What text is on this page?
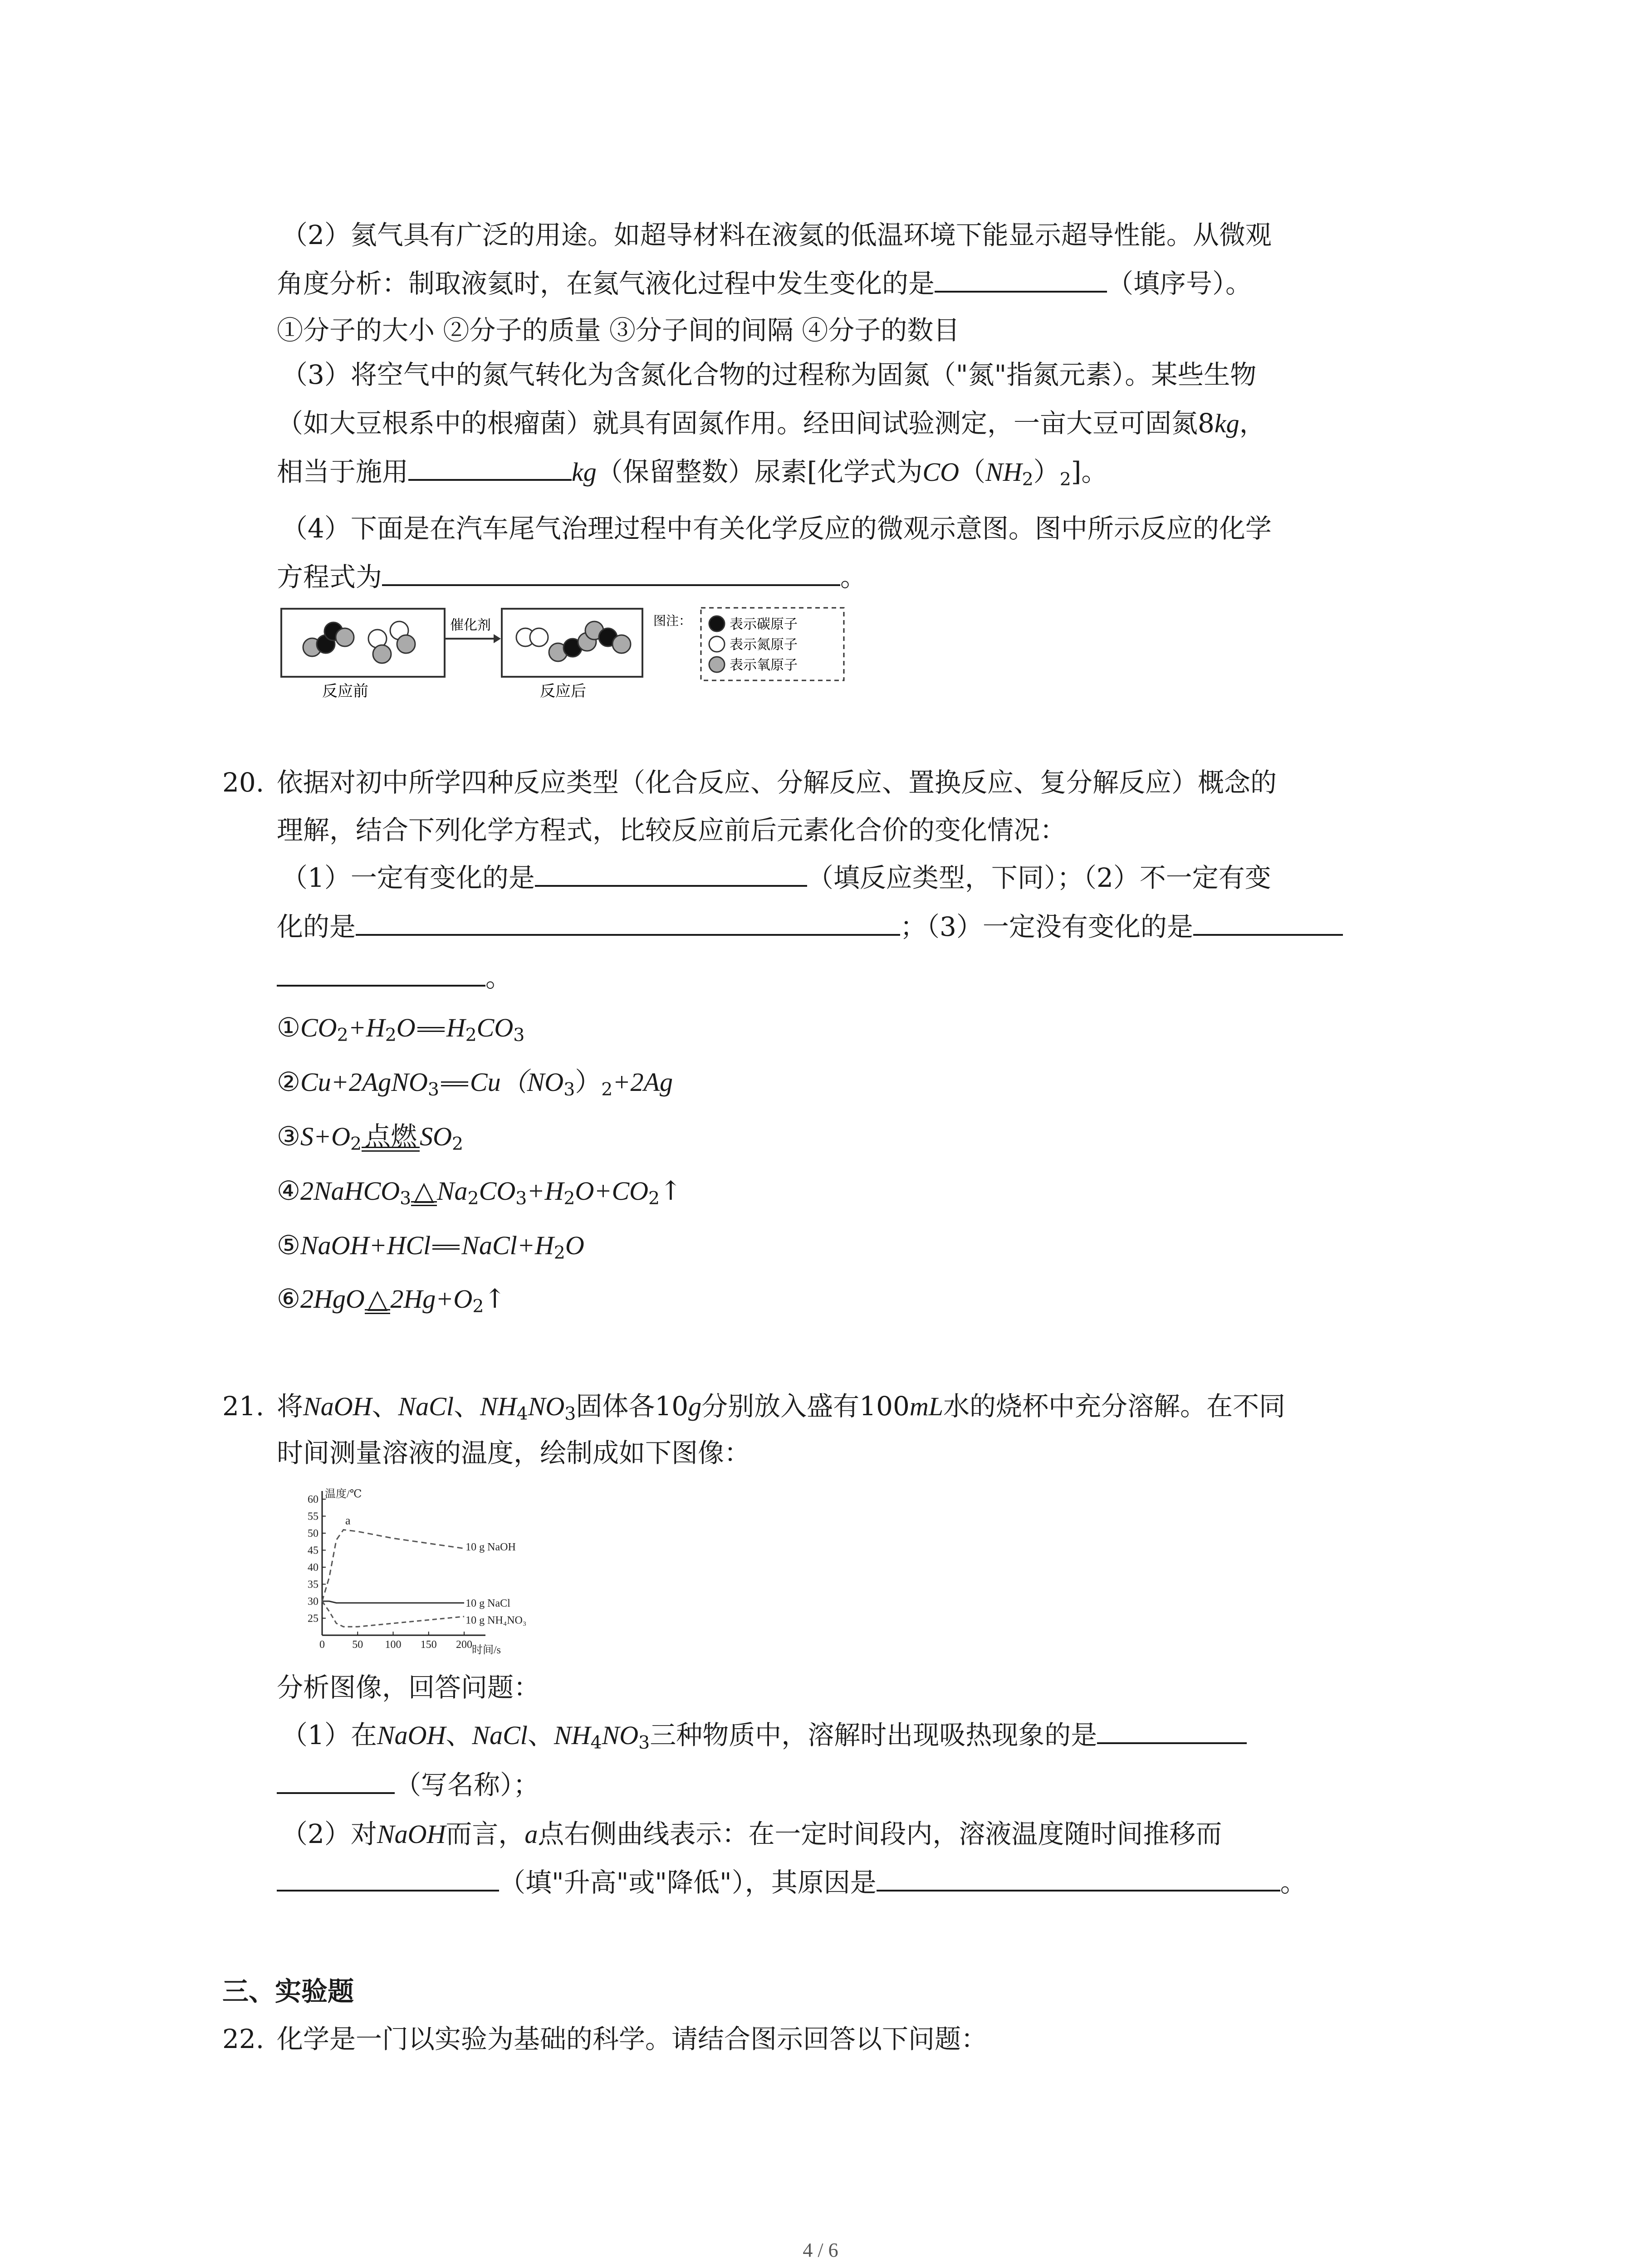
（2）氦气具有广泛的用途。如超导材料在液氦的低温环境下能显示超导性能。从微观
角度分析：制取液氦时，在氦气液化过程中发生变化的是	（填序号）。
①分子的大小 ②分子的质量 ③分子间的间隔 ④分子的数目
（3）将空气中的氮气转化为含氮化合物的过程称为固氮（"氮"指氮元素）。某些生物
（如大豆根系中的根瘤菌）就具有固氮作用。经田间试验测定，一亩大豆可固氮8kg，
相当于施用	kg（保留整数）尿素[化学式为$CO(NH_2)_2$]。
（4）下面是在汽车尾气治理过程中有关化学反应的微观示意图。图中所示反应的化学
方程式为	。
反应前
催化剂
反应后
图注：	表示碳原子
表示氮原子
表示氧原子
20. 依据对初中所学四种反应类型（化合反应、分解反应、置换反应、复分解反应）概念的
理解，结合下列化学方程式，比较反应前后元素化合价的变化情况：
（1）一定有变化的是	（填反应类型，下同）；（2）不一定有变
化的是	；（3）一定没有变化的是
。
$①CO_2+H_2O$ $H_2CO_3$
②Cu+2AgNO$_3$ $Cu(NO_3)_2+2Ag$
$③S+O_2$ 点燃 $SO_2$
④2NaHCO$_3$ △ $Na_2CO_3+H_2O+CO_2↑$
⑤NaOH+HCl $NaCl+H_2O$
⑥2HgO △ $2Hg+O_2↑$
21. 将NaOH、NaCl、$NH_4NO_3$固体各10g分别放入盛有100mL水的烧杯中充分溶解。在不同
时间测量溶液的温度，绘制成如下图像：
25
30
35
40
45
50
55
60
0	50 100 150 200
温度/℃
时间/s
10 g NaOH
10 g NaCl
10 g NH₄NO₃
a
分析图像，回答问题：
（1）在NaOH、NaCl、$NH_4NO_3$三种物质中，溶解时出现吸热现象的是
（写名称）；
（2）对NaOH而言，a点右侧曲线表示：在一定时间段内，溶液温度随时间推移而
（填"升高"或"降低"），其原因是	。
三、实验题
22. 化学是一门以实验为基础的科学。请结合图示回答以下问题：
4 / 6
